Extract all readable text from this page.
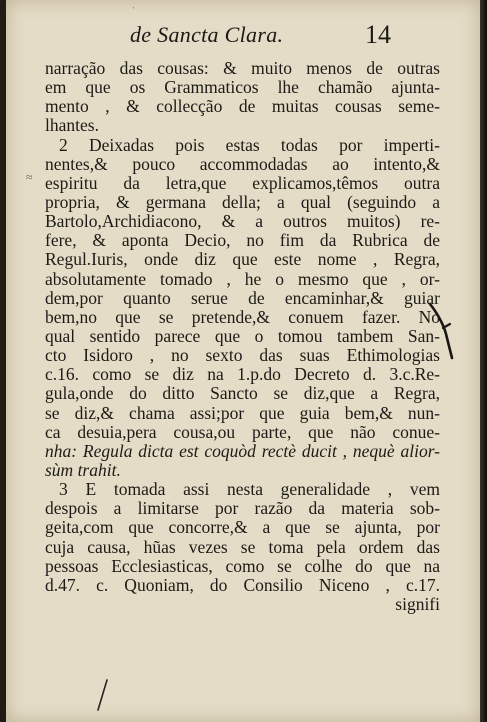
ˈ
de Sancta Clara.	14
≈
narração das cousas: & muito menos de outras
em que os Grammaticos lhe chamão ajunta-
mento , & collecção de muitas cousas seme-
lhantes.
2 Deixadas pois estas todas por imperti-
nentes,& pouco accommodadas ao intento,&
espiritu da letra,que explicamos,têmos outra
propria, & germana della; a qual (seguindo a
Bartolo,Archidiacono, & a outros muitos) re-
fere, & aponta Decio, no fim da Rubrica de
Regul.Iuris, onde diz que este nome , Regra,
absolutamente tomado , he o mesmo que , or-
dem,por quanto serue de encaminhar,& guiar
bem,no que se pretende,& conuem fazer. No
qual sentido parece que o tomou tambem San-
cto Isidoro , no sexto das suas Ethimologias
c.16. como se diz na 1.p.do Decreto d. 3.c.Re-
gula,onde do ditto Sancto se diz,que a Regra,
se diz,& chama assi;por que guia bem,& nun-
ca desuia,pera cousa,ou parte, que não conue-
nha: Regula dicta est coquòd rectè ducit , nequè alior-
sùm trahit.
3 E tomada assi nesta generalidade , vem
despois a limitarse por razão da materia sob-
geita,com que concorre,& a que se ajunta, por
cuja causa, hũas vezes se toma pela ordem das
pessoas Ecclesiasticas, como se colhe do que na
d.47. c. Quoniam, do Consilio Niceno , c.17.
signifi
